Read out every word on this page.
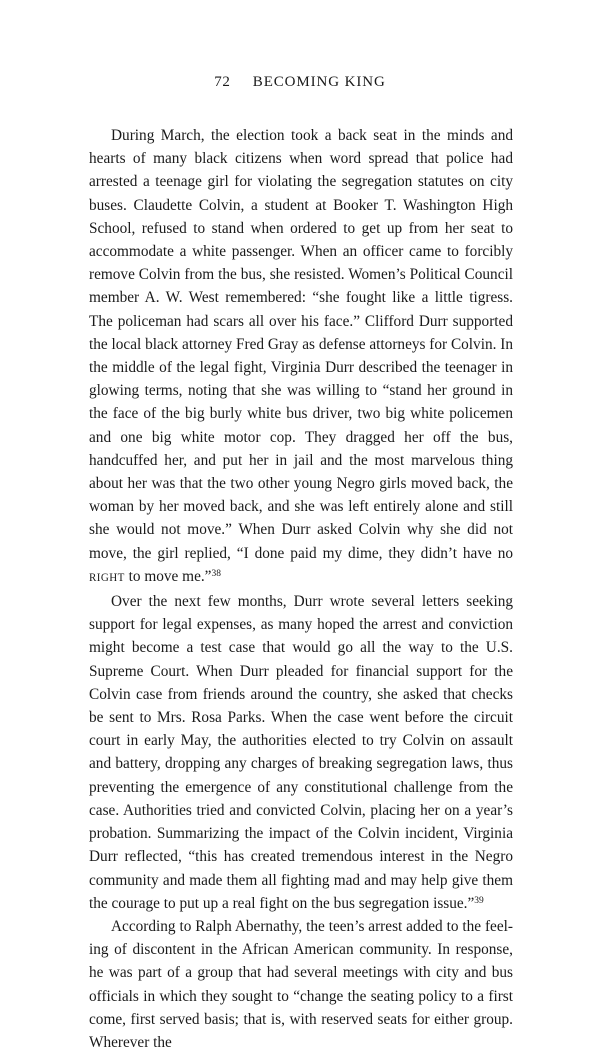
72 BECOMING KING

During March, the election took a back seat in the minds and hearts of many black citizens when word spread that police had arrested a teenage girl for violating the segregation statutes on city buses. Claudette Colvin, a student at Booker T. Washington High School, refused to stand when ordered to get up from her seat to accommodate a white passenger. When an officer came to forcibly remove Colvin from the bus, she resisted. Women’s Political Council member A. W. West remembered: “she fought like a little tigress. The policeman had scars all over his face.” Clifford Durr supported the local black attorney Fred Gray as defense attorneys for Colvin. In the middle of the legal fight, Virginia Durr described the teenager in glowing terms, noting that she was willing to “stand her ground in the face of the big burly white bus driver, two big white policemen and one big white motor cop. They dragged her off the bus, handcuffed her, and put her in jail and the most marvelous thing about her was that the two other young Negro girls moved back, the woman by her moved back, and she was left entirely alone and still she would not move.” When Durr asked Colvin why she did not move, the girl replied, “I done paid my dime, they didn’t have no RIGHT to move me.”$^{38}$

Over the next few months, Durr wrote several letters seeking support for legal expenses, as many hoped the arrest and conviction might become a test case that would go all the way to the U.S. Supreme Court. When Durr pleaded for financial support for the Colvin case from friends around the country, she asked that checks be sent to Mrs. Rosa Parks. When the case went before the circuit court in early May, the authorities elected to try Colvin on assault and battery, dropping any charges of breaking segregation laws, thus preventing the emergence of any constitutional challenge from the case. Authorities tried and convicted Colvin, placing her on a year’s probation. Summarizing the impact of the Colvin incident, Virginia Durr reflected, “this has created tremendous interest in the Negro community and made them all fighting mad and may help give them the courage to put up a real fight on the bus segregation issue.”$^{39}$

According to Ralph Abernathy, the teen’s arrest added to the feeling of discontent in the African American community. In response, he was part of a group that had several meetings with city and bus officials in which they sought to “change the seating policy to a first come, first served basis; that is, with reserved seats for either group. Wherever the
